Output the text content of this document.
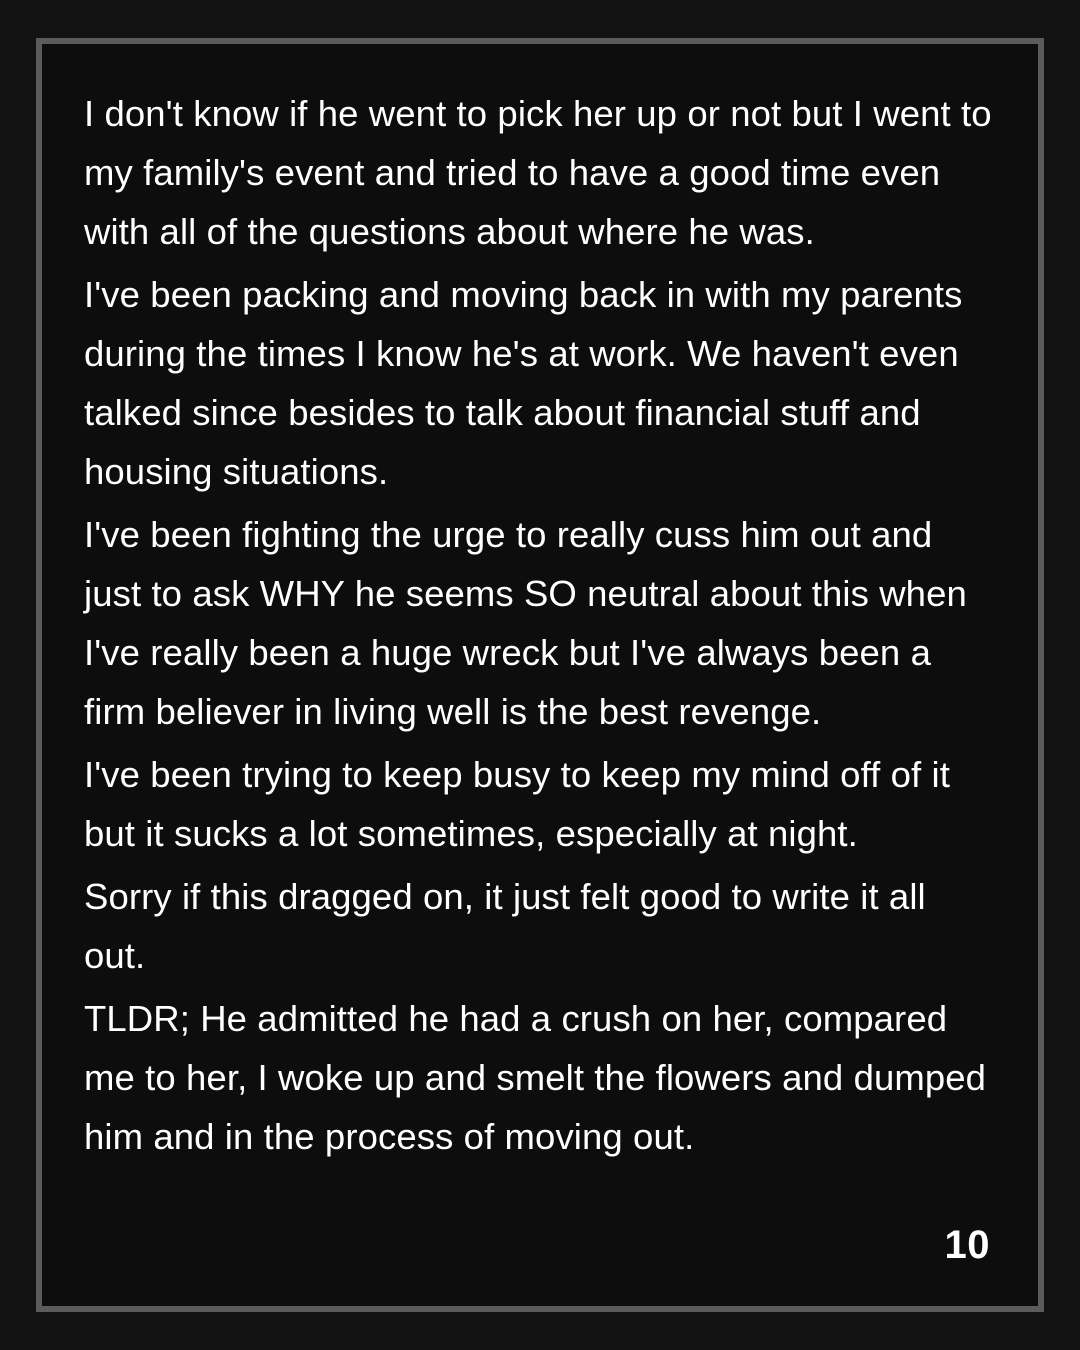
I don't know if he went to pick her up or not but I went to my family's event and tried to have a good time even with all of the questions about where he was.

I've been packing and moving back in with my parents during the times I know he's at work. We haven't even talked since besides to talk about financial stuff and housing situations.

I've been fighting the urge to really cuss him out and just to ask WHY he seems SO neutral about this when I've really been a huge wreck but I've always been a firm believer in living well is the best revenge.

I've been trying to keep busy to keep my mind off of it but it sucks a lot sometimes, especially at night.

Sorry if this dragged on, it just felt good to write it all out.

TLDR; He admitted he had a crush on her, compared me to her, I woke up and smelt the flowers and dumped him and in the process of moving out.

10
